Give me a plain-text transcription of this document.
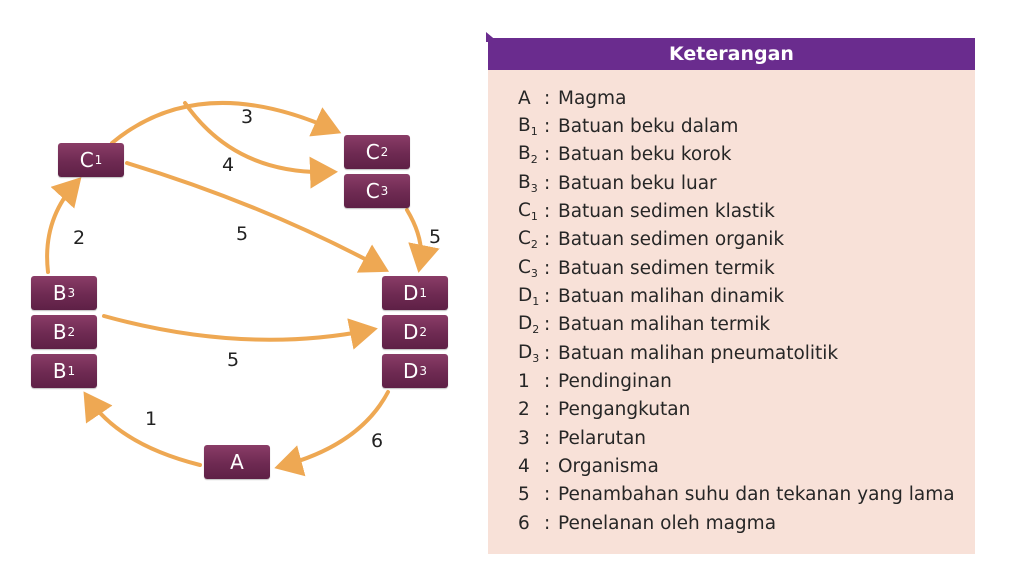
C 1	C 2
C 3
B 3
B 2
B 1
D 1
D 2
D 3
A
3
4
2	5	5
5
1
6
Keterangan
A : Magma
$B_1$ : Batuan beku dalam
$B_2$ : Batuan beku korok
$B_3$ : Batuan beku luar
$C_1$ : Batuan sedimen klastik
$C_2$ : Batuan sedimen organik
$C_3$ : Batuan sedimen termik
$D_1$ : Batuan malihan dinamik
$D_2$ : Batuan malihan termik
$D_3$ : Batuan malihan pneumatolitik
1 : Pendinginan
2 : Pengangkutan
3 : Pelarutan
4 : Organisma
5 : Penambahan suhu dan tekanan yang lama
6 : Penelanan oleh magma
